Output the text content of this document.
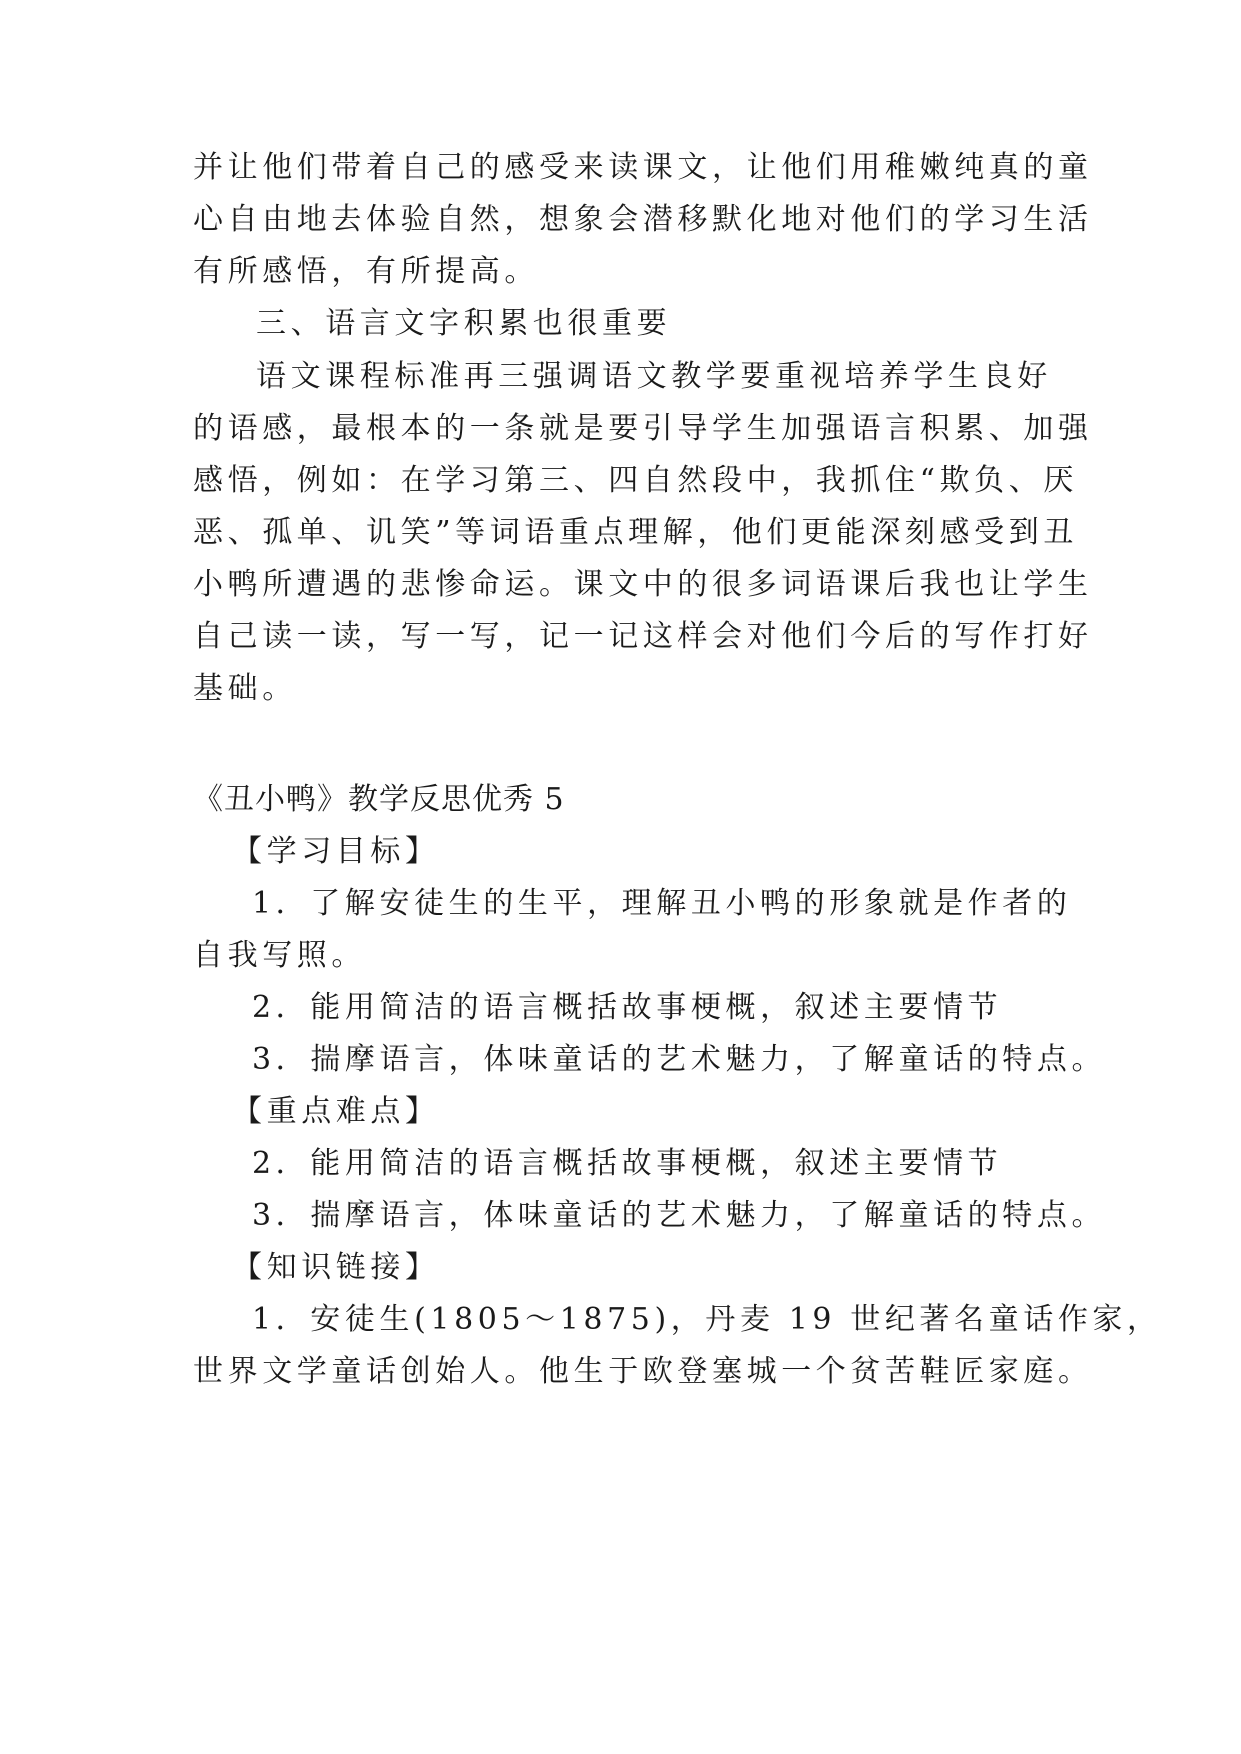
并让他们带着自己的感受来读课文，让他们用稚嫩纯真的童
心自由地去体验自然，想象会潜移默化地对他们的学习生活
有所感悟，有所提高。
三、语言文字积累也很重要
语文课程标准再三强调语文教学要重视培养学生良好
的语感，最根本的一条就是要引导学生加强语言积累、加强
感悟，例如：在学习第三、四自然段中，我抓住“欺负、厌
恶、孤单、讥笑”等词语重点理解，他们更能深刻感受到丑
小鸭所遭遇的悲惨命运。课文中的很多词语课后我也让学生
自己读一读，写一写，记一记这样会对他们今后的写作打好
基础。
《丑小鸭》教学反思优秀 5
【学习目标】
1．了解安徒生的生平，理解丑小鸭的形象就是作者的
自我写照。
2．能用简洁的语言概括故事梗概，叙述主要情节
3．揣摩语言，体味童话的艺术魅力，了解童话的特点。
【重点难点】
2．能用简洁的语言概括故事梗概，叙述主要情节
3．揣摩语言，体味童话的艺术魅力，了解童话的特点。
【知识链接】
1．安徒生(1805～1875)，丹麦 19 世纪著名童话作家，
世界文学童话创始人。他生于欧登塞城一个贫苦鞋匠家庭。
